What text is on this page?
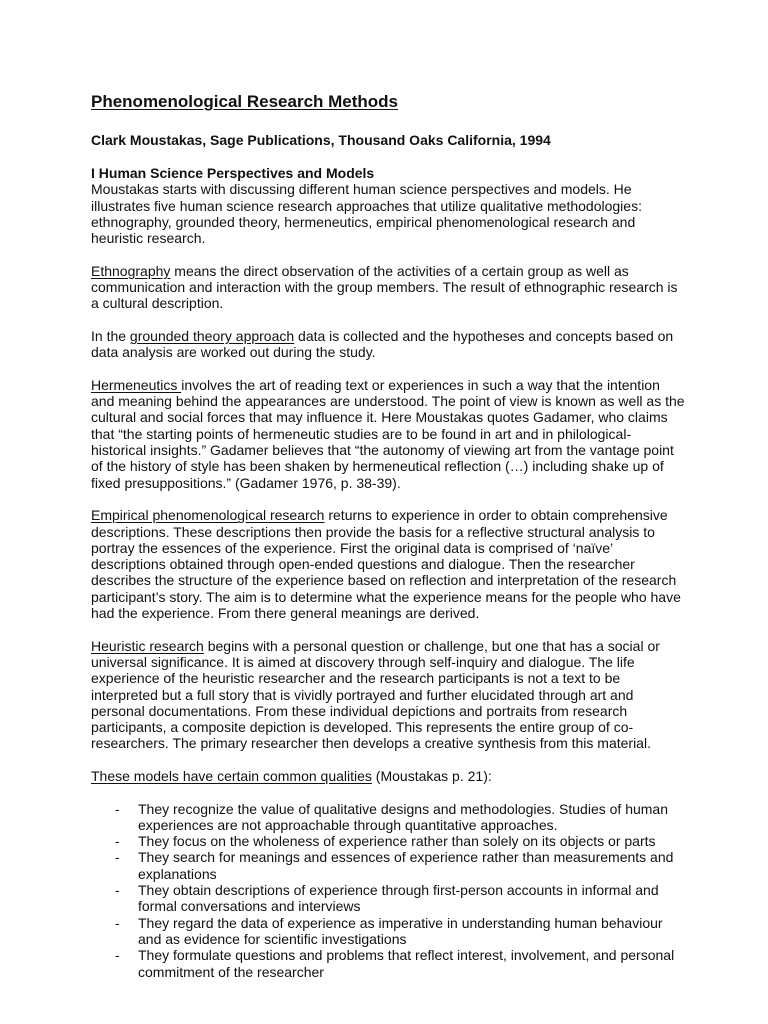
Phenomenological Research Methods
Clark Moustakas, Sage Publications, Thousand Oaks California, 1994
I Human Science Perspectives and Models

Moustakas starts with discussing different human science perspectives and models. He illustrates five human science research approaches that utilize qualitative methodologies: ethnography, grounded theory, hermeneutics, empirical phenomenological research and heuristic research.

Ethnography means the direct observation of the activities of a certain group as well as communication and interaction with the group members. The result of ethnographic research is a cultural description.

In the grounded theory approach data is collected and the hypotheses and concepts based on data analysis are worked out during the study.

Hermeneutics involves the art of reading text or experiences in such a way that the intention and meaning behind the appearances are understood. The point of view is known as well as the cultural and social forces that may influence it. Here Moustakas quotes Gadamer, who claims that “the starting points of hermeneutic studies are to be found in art and in philological-historical insights.” Gadamer believes that “the autonomy of viewing art from the vantage point of the history of style has been shaken by hermeneutical reflection (…) including shake up of fixed presuppositions.” (Gadamer 1976, p. 38-39).

Empirical phenomenological research returns to experience in order to obtain comprehensive descriptions. These descriptions then provide the basis for a reflective structural analysis to portray the essences of the experience. First the original data is comprised of ‘naïve’ descriptions obtained through open-ended questions and dialogue. Then the researcher describes the structure of the experience based on reflection and interpretation of the research participant’s story. The aim is to determine what the experience means for the people who have had the experience. From there general meanings are derived.

Heuristic research begins with a personal question or challenge, but one that has a social or universal significance. It is aimed at discovery through self-inquiry and dialogue. The life experience of the heuristic researcher and the research participants is not a text to be interpreted but a full story that is vividly portrayed and further elucidated through art and personal documentations. From these individual depictions and portraits from research participants, a composite depiction is developed. This represents the entire group of co-researchers. The primary researcher then develops a creative synthesis from this material.

These models have certain common qualities (Moustakas p. 21):

- They recognize the value of qualitative designs and methodologies. Studies of human experiences are not approachable through quantitative approaches.
- They focus on the wholeness of experience rather than solely on its objects or parts
- They search for meanings and essences of experience rather than measurements and explanations
- They obtain descriptions of experience through first-person accounts in informal and formal conversations and interviews
- They regard the data of experience as imperative in understanding human behaviour and as evidence for scientific investigations
- They formulate questions and problems that reflect interest, involvement, and personal commitment of the researcher
